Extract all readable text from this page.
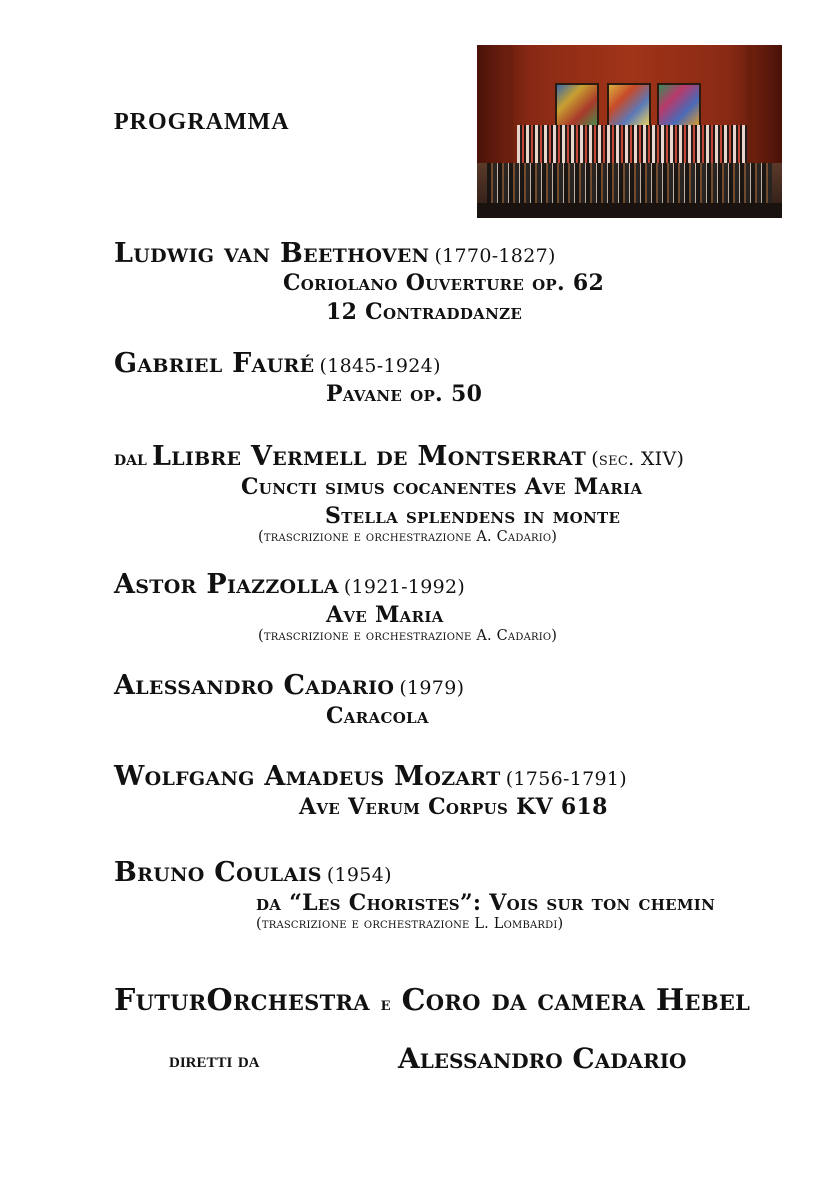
PROGRAMMA
Ludwig van Beethoven (1770-1827)
Coriolano Ouverture op. 62
12 Contraddanze
Gabriel Fauré (1845-1924)
Pavane op. 50
dal Llibre Vermell de Montserrat (sec. XIV)
Cuncti simus cocanentes Ave Maria
Stella splendens in monte
(trascrizione e orchestrazione A. Cadario)
Astor Piazzolla (1921-1992)
Ave Maria
(trascrizione e orchestrazione A. Cadario)
Alessandro Cadario (1979)
Caracola
Wolfgang Amadeus Mozart (1756-1791)
Ave Verum Corpus KV 618
Bruno Coulais (1954)
da “Les Choristes”: Vois sur ton chemin
(trascrizione e orchestrazione L. Lombardi)
FuturOrchestra e Coro da camera Hebel
diretti da	Alessandro Cadario
